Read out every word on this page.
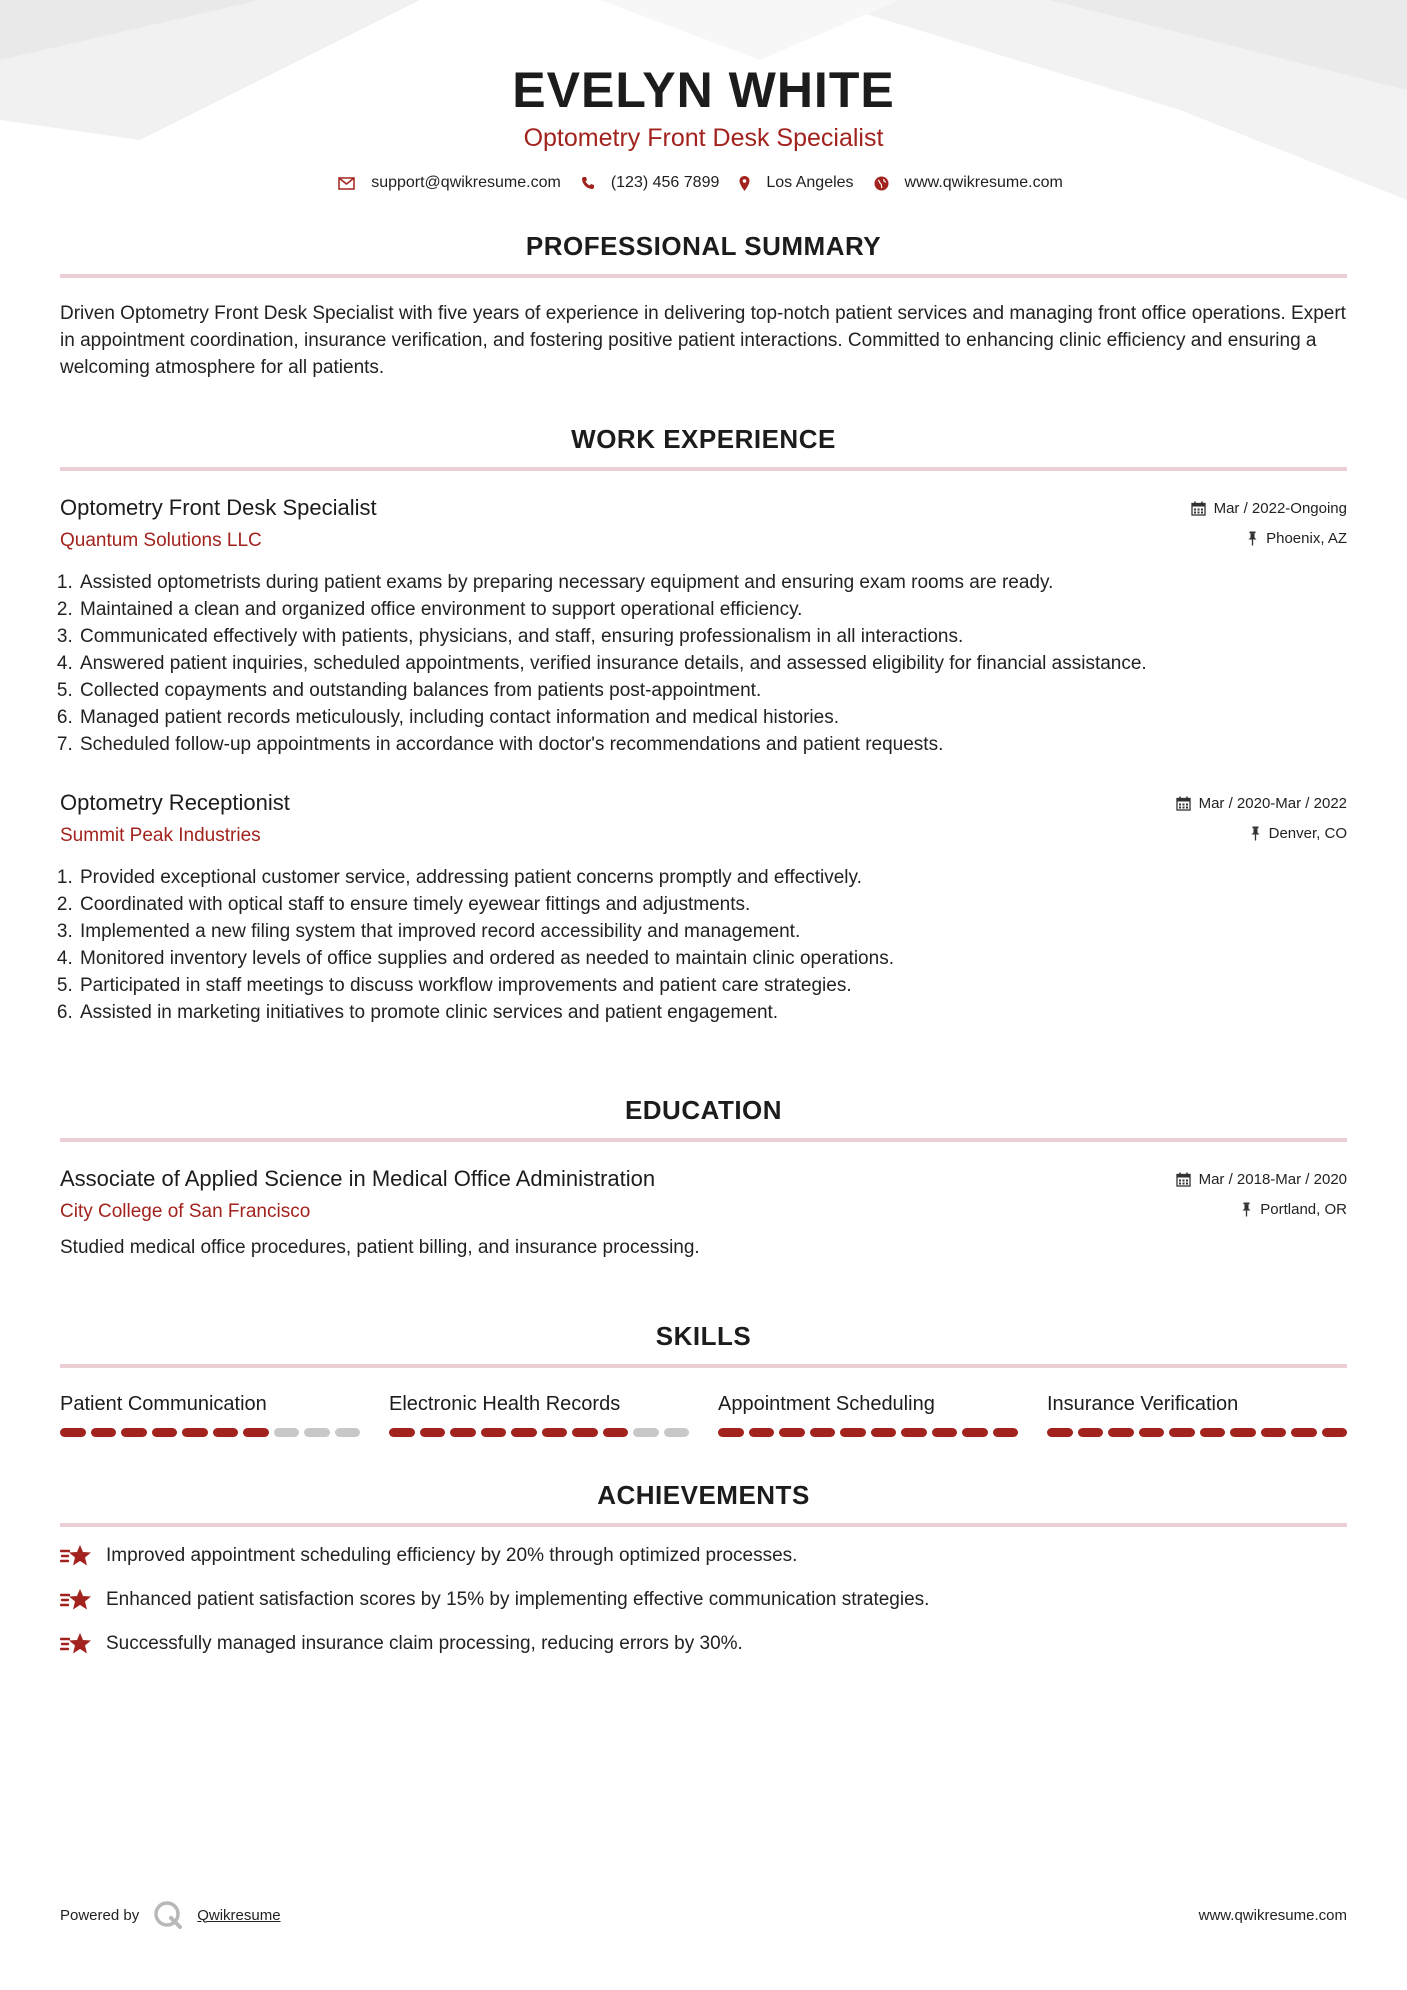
EVELYN WHITE
Optometry Front Desk Specialist
support@qwikresume.com	(123) 456 7899	Los Angeles	www.qwikresume.com
PROFESSIONAL SUMMARY
Driven Optometry Front Desk Specialist with five years of experience in delivering top-notch patient services and managing front office operations. Expert in appointment coordination, insurance verification, and fostering positive patient interactions. Committed to enhancing clinic efficiency and ensuring a welcoming atmosphere for all patients.
WORK EXPERIENCE
Optometry Front Desk Specialist
Quantum Solutions LLC
Mar / 2022-Ongoing
Phoenix, AZ
1. Assisted optometrists during patient exams by preparing necessary equipment and ensuring exam rooms are ready.
2. Maintained a clean and organized office environment to support operational efficiency.
3. Communicated effectively with patients, physicians, and staff, ensuring professionalism in all interactions.
4. Answered patient inquiries, scheduled appointments, verified insurance details, and assessed eligibility for financial assistance.
5. Collected copayments and outstanding balances from patients post-appointment.
6. Managed patient records meticulously, including contact information and medical histories.
7. Scheduled follow-up appointments in accordance with doctor's recommendations and patient requests.
Optometry Receptionist
Summit Peak Industries
Mar / 2020-Mar / 2022
Denver, CO
1. Provided exceptional customer service, addressing patient concerns promptly and effectively.
2. Coordinated with optical staff to ensure timely eyewear fittings and adjustments.
3. Implemented a new filing system that improved record accessibility and management.
4. Monitored inventory levels of office supplies and ordered as needed to maintain clinic operations.
5. Participated in staff meetings to discuss workflow improvements and patient care strategies.
6. Assisted in marketing initiatives to promote clinic services and patient engagement.
EDUCATION
Associate of Applied Science in Medical Office Administration
City College of San Francisco
Mar / 2018-Mar / 2020
Portland, OR
Studied medical office procedures, patient billing, and insurance processing.
SKILLS
Patient Communication	Electronic Health Records	Appointment Scheduling	Insurance Verification
ACHIEVEMENTS
Improved appointment scheduling efficiency by 20% through optimized processes.
Enhanced patient satisfaction scores by 15% by implementing effective communication strategies.
Successfully managed insurance claim processing, reducing errors by 30%.
Powered by	Qwikresume	www.qwikresume.com
